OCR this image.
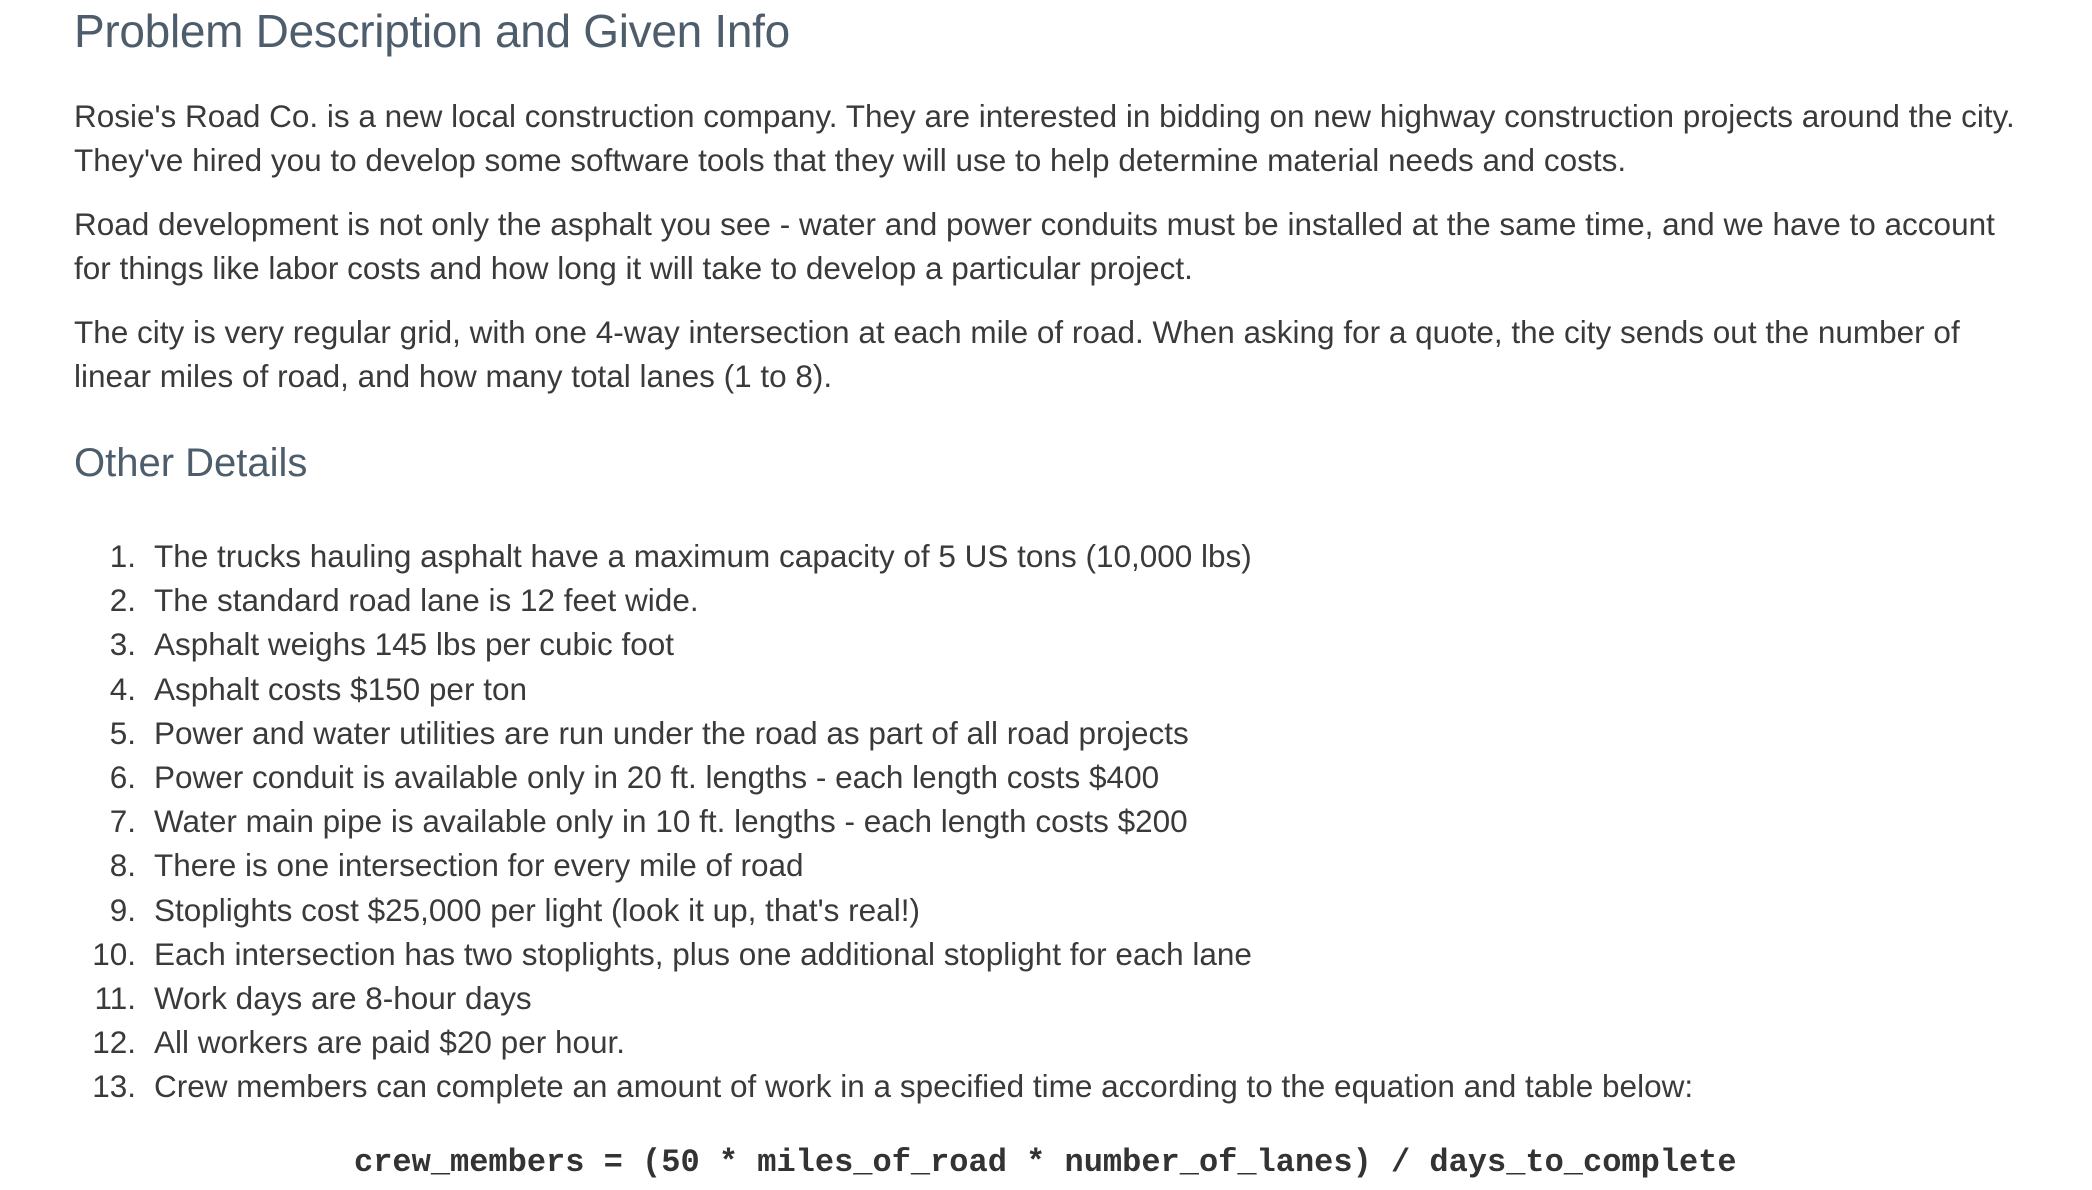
Problem Description and Given Info

Rosie's Road Co. is a new local construction company. They are interested in bidding on new highway construction projects around the city. They've hired you to develop some software tools that they will use to help determine material needs and costs.

Road development is not only the asphalt you see - water and power conduits must be installed at the same time, and we have to account for things like labor costs and how long it will take to develop a particular project.

The city is very regular grid, with one 4-way intersection at each mile of road. When asking for a quote, the city sends out the number of linear miles of road, and how many total lanes (1 to 8).

Other Details
1. The trucks hauling asphalt have a maximum capacity of 5 US tons (10,000 lbs)
2. The standard road lane is 12 feet wide.
3. Asphalt weighs 145 lbs per cubic foot
4. Asphalt costs $150 per ton
5. Power and water utilities are run under the road as part of all road projects
6. Power conduit is available only in 20 ft. lengths - each length costs $400
7. Water main pipe is available only in 10 ft. lengths - each length costs $200
8. There is one intersection for every mile of road
9. Stoplights cost $25,000 per light (look it up, that's real!)
10. Each intersection has two stoplights, plus one additional stoplight for each lane
11. Work days are 8-hour days
12. All workers are paid $20 per hour.
13. Crew members can complete an amount of work in a specified time according to the equation and table below:
crew_members = (50 * miles_of_road * number_of_lanes) / days_to_complete
